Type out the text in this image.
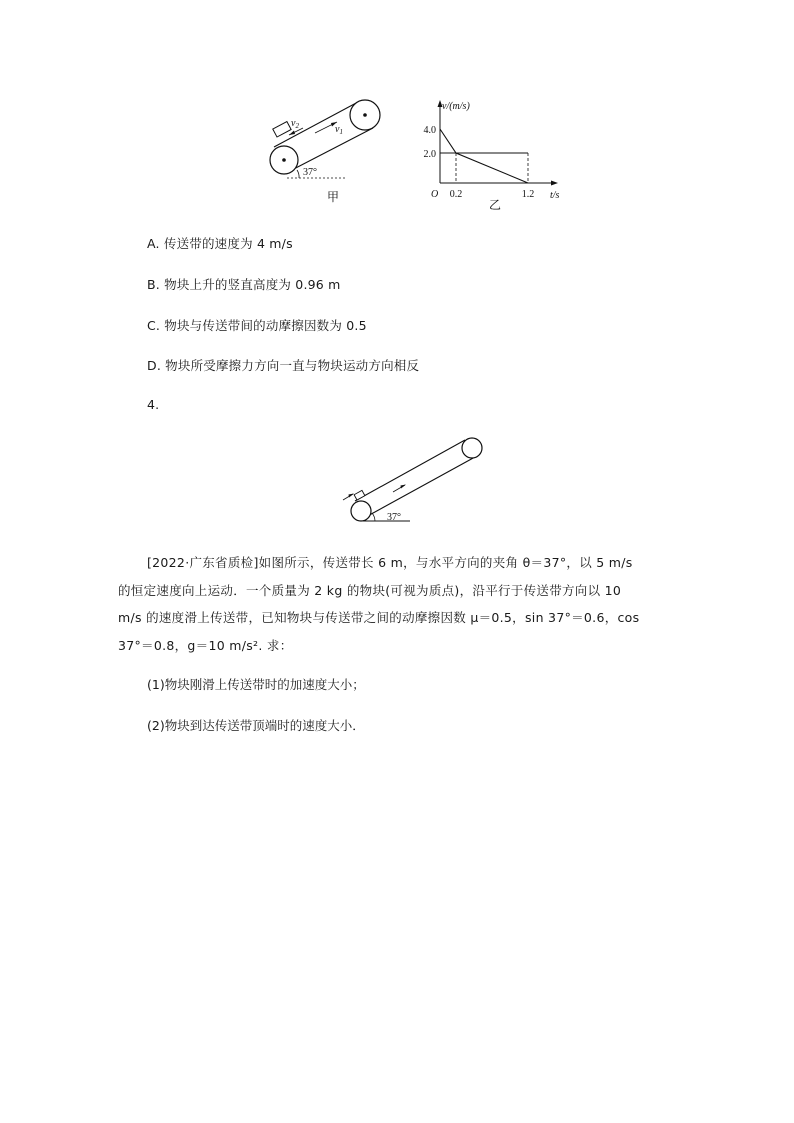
$v_2$	$v_1$
37°
甲
v/(m/s)
t/s
O
4.0
2.0
0.2	1.2
乙
A. 传送带的速度为 4 m/s
B. 物块上升的竖直高度为 0.96 m
C. 物块与传送带间的动摩擦因数为 0.5
D. 物块所受摩擦力方向一直与物块运动方向相反
4.
37°
[2022·广东省质检]如图所示，传送带长 6 m，与水平方向的夹角 θ＝37°，以 5 m/s
的恒定速度向上运动．一个质量为 2 kg 的物块(可视为质点)，沿平行于传送带方向以 10
m/s 的速度滑上传送带，已知物块与传送带之间的动摩擦因数 μ＝0.5，sin 37°＝0.6，cos
37°＝0.8，g＝10 m/s². 求：
(1)物块刚滑上传送带时的加速度大小；
(2)物块到达传送带顶端时的速度大小．
